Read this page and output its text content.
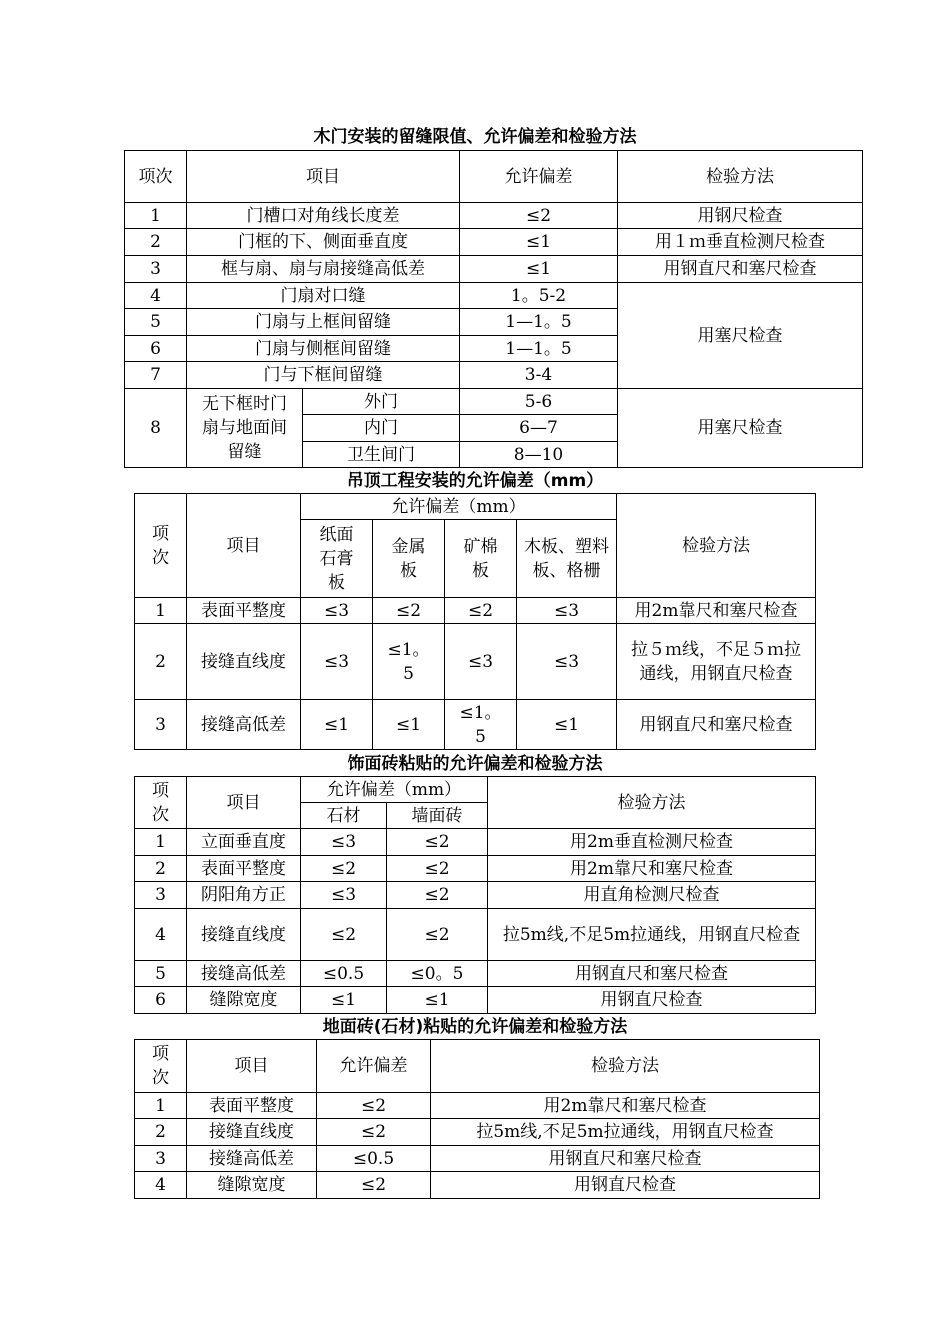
木门安装的留缝限值、允许偏差和检验方法
项次	项目		允许偏差	检验方法
1	门槽口对角线长度差		≤2	用钢尺检查
2	门框的下、侧面垂直度		≤1	用１ｍ垂直检测尺检查
3	框与扇、扇与扇接缝高低差		≤1	用钢直尺和塞尺检查
4	门扇对口缝		1。5-2	用塞尺检查
5	门扇与上框间留缝		1—1。5	
6	门扇与侧框间留缝		1—1。5	
7	门与下框间留缝		3-4	
8	无下框时门扇与地面间留缝	外门	5-6	用塞尺检查
		内门	6—7	
		卫生间门	8—10	
吊顶工程安装的允许偏差（mm）
项次	项目	允许偏差（mm）				检验方法
		纸面石膏板	金属板	矿棉板	木板、塑料板、格栅	
1	表面平整度	≤3	≤2	≤2	≤3	用2m靠尺和塞尺检查
2	接缝直线度	≤3	≤1。5	≤3	≤3	拉５ｍ线，不足５ｍ拉通线，用钢直尺检查
3	接缝高低差	≤1	≤1	≤1。5	≤1	用钢直尺和塞尺检查
饰面砖粘贴的允许偏差和检验方法
项次	项目	允许偏差（mm）		检验方法
		石材	墙面砖	
1	立面垂直度	≤3	≤2	用2m垂直检测尺检查
2	表面平整度	≤2	≤2	用2m靠尺和塞尺检查
3	阴阳角方正	≤3	≤2	用直角检测尺检查
4	接缝直线度	≤2	≤2	拉5m线,不足5m拉通线，用钢直尺检查
5	接缝高低差	≤0.5	≤0。5	用钢直尺和塞尺检查
6	缝隙宽度	≤1	≤1	用钢直尺检查
地面砖(石材)粘贴的允许偏差和检验方法
项次	项目	允许偏差	检验方法
1	表面平整度	≤2	用2m靠尺和塞尺检查
2	接缝直线度	≤2	拉5m线,不足5m拉通线，用钢直尺检查
3	接缝高低差	≤0.5	用钢直尺和塞尺检查
4	缝隙宽度	≤2	用钢直尺检查
